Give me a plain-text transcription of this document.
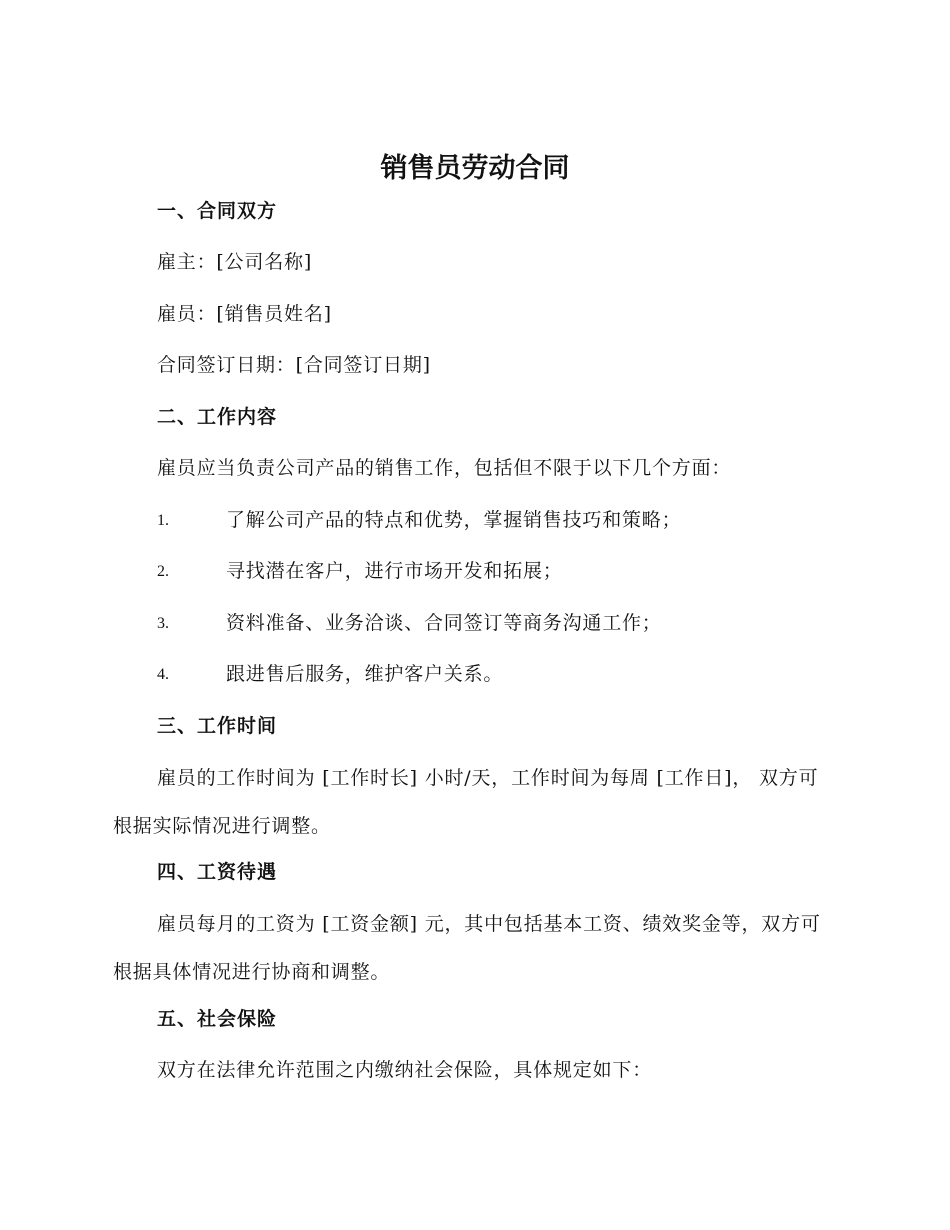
销售员劳动合同
一、合同双方
雇主：[公司名称]
雇员：[销售员姓名]
合同签订日期：[合同签订日期]
二、工作内容
雇员应当负责公司产品的销售工作，包括但不限于以下几个方面：
1.	了解公司产品的特点和优势，掌握销售技巧和策略；
2.	寻找潜在客户，进行市场开发和拓展；
3.	资料准备、业务洽谈、合同签订等商务沟通工作；
4.	跟进售后服务，维护客户关系。
三、工作时间
雇员的工作时间为 [工作时长] 小时/天，工作时间为每周 [工作日]， 双方可根据实际情况进行调整。
四、工资待遇
雇员每月的工资为 [工资金额] 元，其中包括基本工资、绩效奖金等，双方可根据具体情况进行协商和调整。
五、社会保险
双方在法律允许范围之内缴纳社会保险，具体规定如下：
